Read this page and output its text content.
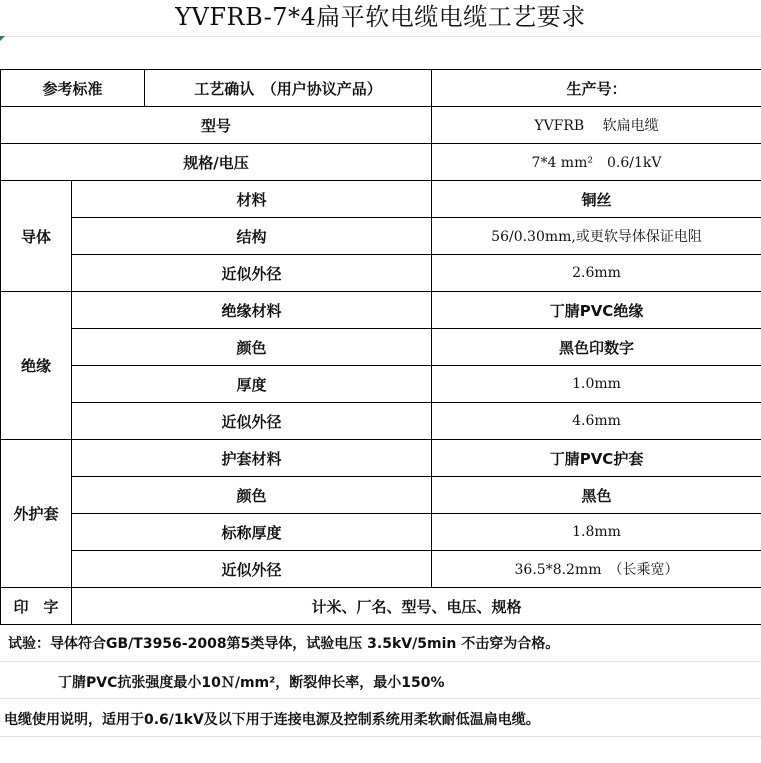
YVFRB-7*4扁平软电缆电缆工艺要求
参考标准		工艺确认　（用户协议产品）	生产号：
型号			YVFRB　 软扁电缆
规格/电压			7*4 mm²　0.6/1kV
导体	材料		铜丝
	结构		56/0.30mm,或更软导体保证电阻
	近似外径		2.6mm
绝缘	绝缘材料		丁腈PVC绝缘
	颜色		黑色印数字
	厚度		1.0mm
	近似外径		4.6mm
外护套	护套材料		丁腈PVC护套
	颜色		黑色
	标称厚度		1.8mm
	近似外径		36.5*8.2mm　（长乘宽）
印　字	计米、厂名、型号、电压、规格		
试验：导体符合GB/T3956-2008第5类导体，试验电压 3.5kV/5min 不击穿为合格。
丁腈PVC抗张强度最小10Ｎ/mm²，断裂伸长率，最小150%
电缆使用说明，适用于0.6/1kV及以下用于连接电源及控制系统用柔软耐低温扁电缆。
